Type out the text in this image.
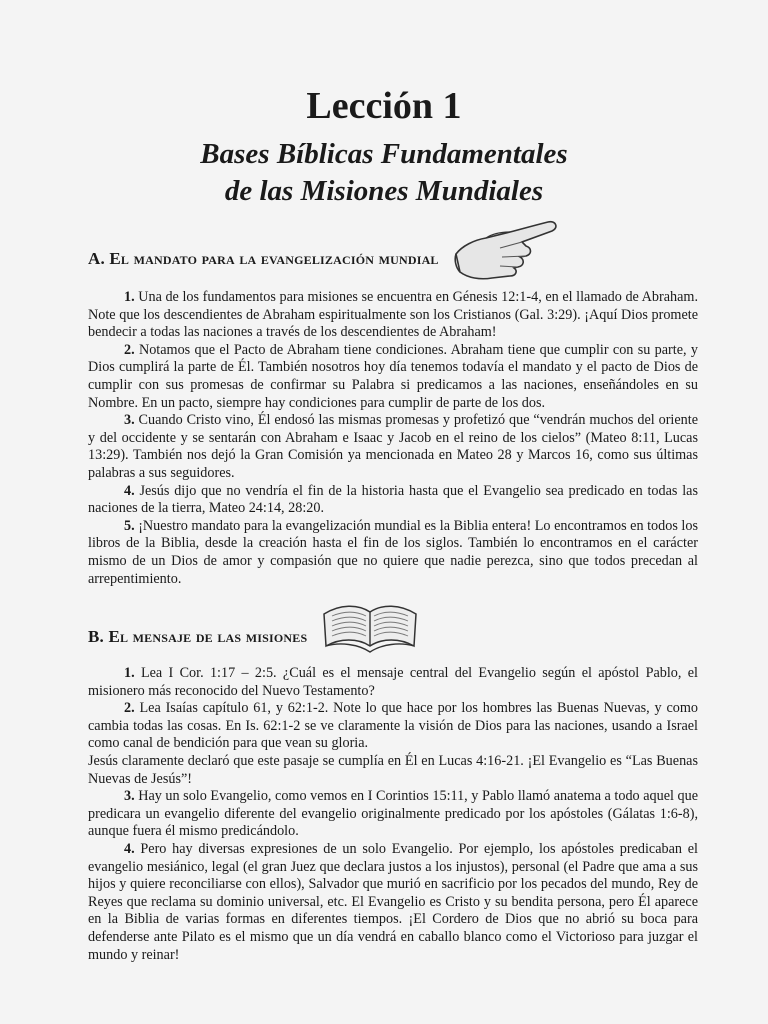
Lección 1
Bases Bíblicas Fundamentales
de las Misiones Mundiales
A. El mandato para la evangelización mundial

1. Una de los fundamentos para misiones se encuentra en Génesis 12:1-4, en el llamado de Abraham. Note que los descendientes de Abraham espiritualmente son los Cristianos (Gal. 3:29). ¡Aquí Dios promete bendecir a todas las naciones a través de los descendientes de Abraham!

2. Notamos que el Pacto de Abraham tiene condiciones. Abraham tiene que cumplir con su parte, y Dios cumplirá la parte de Él. También nosotros hoy día tenemos todavía el mandato y el pacto de Dios de cumplir con sus promesas de confirmar su Palabra si predicamos a las naciones, enseñándoles en su Nombre. En un pacto, siempre hay condiciones para cumplir de parte de los dos.

3. Cuando Cristo vino, Él endosó las mismas promesas y profetizó que “vendrán muchos del oriente y del occidente y se sentarán con Abraham e Isaac y Jacob en el reino de los cielos” (Mateo 8:11, Lucas 13:29). También nos dejó la Gran Comisión ya mencionada en Mateo 28 y Marcos 16, como sus últimas palabras a sus seguidores.

4. Jesús dijo que no vendría el fin de la historia hasta que el Evangelio sea predicado en todas las naciones de la tierra, Mateo 24:14, 28:20.

5. ¡Nuestro mandato para la evangelización mundial es la Biblia entera! Lo encontramos en todos los libros de la Biblia, desde la creación hasta el fin de los siglos. También lo encontramos en el carácter mismo de un Dios de amor y compasión que no quiere que nadie perezca, sino que todos precedan al arrepentimiento.

B. El mensaje de las misiones

1. Lea I Cor. 1:17 – 2:5. ¿Cuál es el mensaje central del Evangelio según el apóstol Pablo, el misionero más reconocido del Nuevo Testamento?

2. Lea Isaías capítulo 61, y 62:1-2. Note lo que hace por los hombres las Buenas Nuevas, y como cambia todas las cosas. En Is. 62:1-2 se ve claramente la visión de Dios para las naciones, usando a Israel como canal de bendición para que vean su gloria.

Jesús claramente declaró que este pasaje se cumplía en Él en Lucas 4:16-21. ¡El Evangelio es “Las Buenas Nuevas de Jesús”!

3. Hay un solo Evangelio, como vemos en I Corintios 15:11, y Pablo llamó anatema a todo aquel que predicara un evangelio diferente del evangelio originalmente predicado por los apóstoles (Gálatas 1:6-8), aunque fuera él mismo predicándolo.

4. Pero hay diversas expresiones de un solo Evangelio. Por ejemplo, los apóstoles predicaban el evangelio mesiánico, legal (el gran Juez que declara justos a los injustos), personal (el Padre que ama a sus hijos y quiere reconciliarse con ellos), Salvador que murió en sacrificio por los pecados del mundo, Rey de Reyes que reclama su dominio universal, etc. El Evangelio es Cristo y su bendita persona, pero Él aparece en la Biblia de varias formas en diferentes tiempos. ¡El Cordero de Dios que no abrió su boca para defenderse ante Pilato es el mismo que un día vendrá en caballo blanco como el Victorioso para juzgar el mundo y reinar!
